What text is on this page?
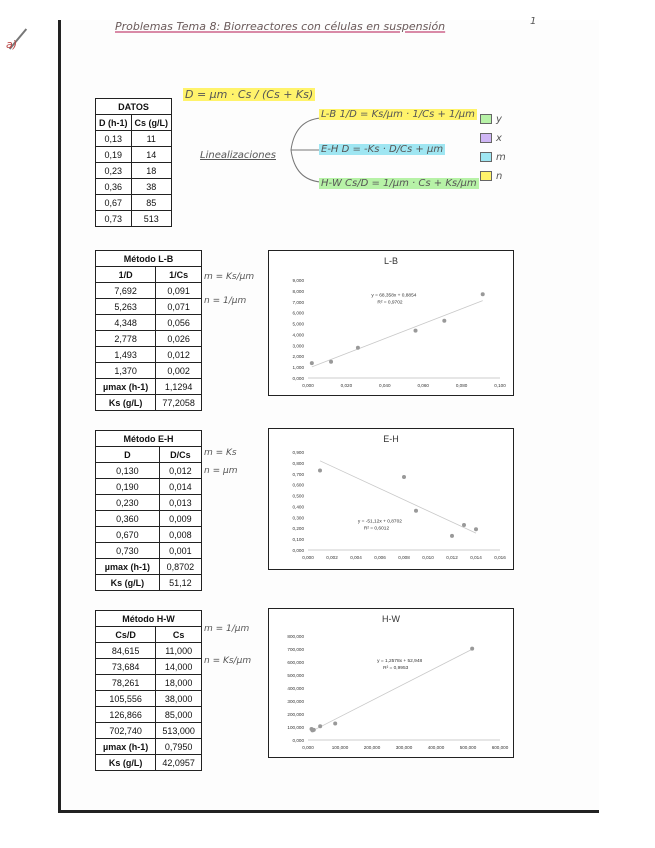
Problemas Tema 8: Biorreactores con células en suspensión	1
a)
DATOS	
D (h-1)	Cs (g/L)
0,13	11
0,19	14
0,23	18
0,36	38
0,67	85
0,73	513
D = µm · Cs / (Cs + Ks)
Linealizaciones
L-B 1/D = Ks/µm · 1/Cs + 1/µm
E-H D = -Ks · D/Cs + µm
H-W Cs/D = 1/µm · Cs + Ks/µm
y
x
m
n
Método L-B	
1/D	1/Cs
7,692	0,091
5,263	0,071
4,348	0,056
2,778	0,026
1,493	0,012
1,370	0,002
µmax (h-1)	1,1294
Ks (g/L)	77,2058
m = Ks/µm
n = 1/µm
Método E-H	
D	D/Cs
0,130	0,012
0,190	0,014
0,230	0,013
0,360	0,009
0,670	0,008
0,730	0,001
µmax (h-1)	0,8702
Ks (g/L)	51,12
m = Ks
n = µm
Método H-W	
Cs/D	Cs
84,615	11,000
73,684	14,000
78,261	18,000
105,556	38,000
126,866	85,000
702,740	513,000
µmax (h-1)	0,7950
Ks (g/L)	42,0957
m = 1/µm
n = Ks/µm
L-B
0,000
1,000
2,000
3,000
4,000
5,000
6,000
7,000
8,000
9,000
0,000	0,020	0,040	0,060	0,080	0,100
y = 68,358x + 0,8854
R² = 0,9702
E-H
0,000
0,100
0,200
0,300
0,400
0,500
0,600
0,700
0,800
0,900
0,000	0,002	0,004	0,006	0,008	0,010	0,012	0,014	0,016
y = -51,12x + 0,8702
R² = 0,6012
H-W
0,000
100,000
200,000
300,000
400,000
500,000
600,000
700,000
800,000
0,000	100,000	200,000	300,000	400,000	500,000	600,000
y = 1,2578x + 52,948
R² = 0,9953
